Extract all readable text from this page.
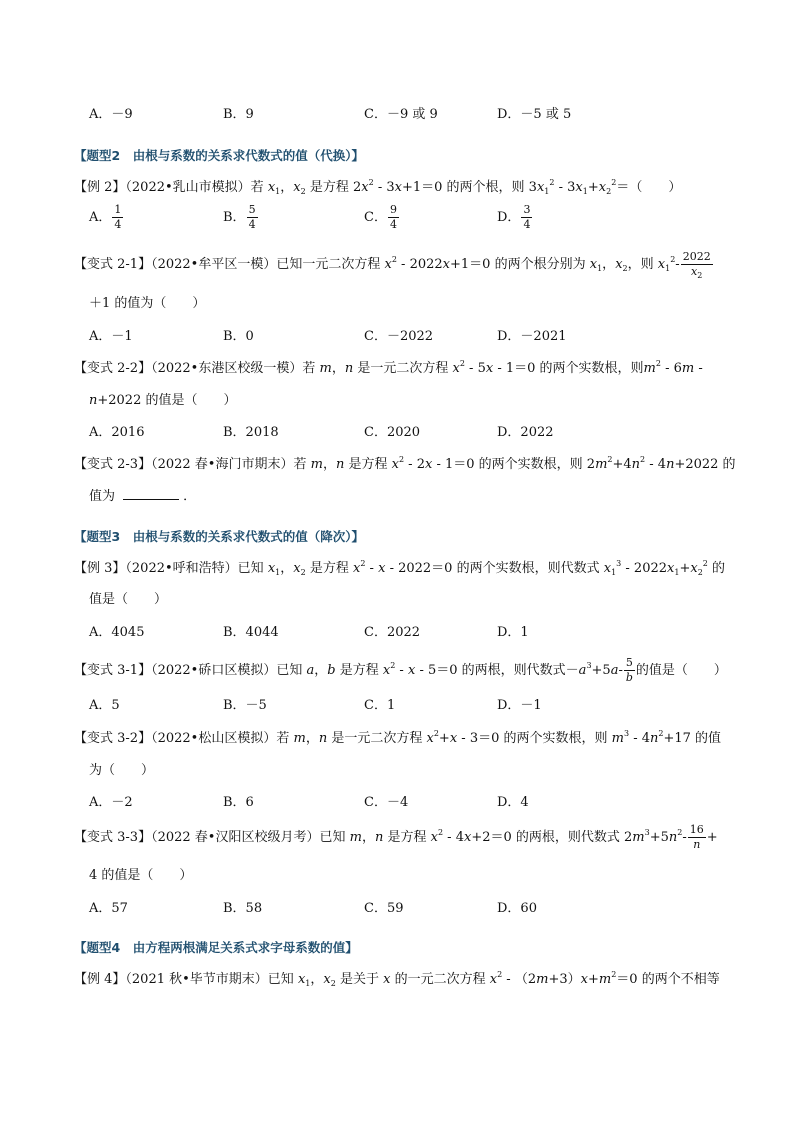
A．－9	B．9	C．－9 或 9	D．－5 或 5
【题型2　由根与系数的关系求代数式的值（代换）】
【例 2】（2022•乳山市模拟）若 $x_1$，$x_2$ 是方程 $2x^2 - 3x+1=0$ 的两个根，则 $3x_1^2 - 3x_1+x_2^2=$（　　）
A． $\frac{1}{4}$	B． $\frac{5}{4}$	C． $\frac{9}{4}$	D． $\frac{3}{4}$
【变式 2-1】（2022•牟平区一模）已知一元二次方程 $x^2 - 2022x+1=0$ 的两个根分别为 $x_1$，$x_2$，则 $x_1^2- \frac{2022}{x_2}$
＋1 的值为（　　）
A．－1	B．0	C．－2022	D．－2021
【变式 2-2】（2022•东港区校级一模）若 m，n 是一元二次方程 $x^2 - 5x - 1=0$ 的两个实数根，则$m^2 - 6m$ -
n+2022 的值是（　　）
A．2016	B．2018	C．2020	D．2022
【变式 2-3】（2022 春•海门市期末）若 m，n 是方程 $x^2 - 2x - 1=0$ 的两个实数根，则 $2m^2+4n^2 - 4n+2022$ 的
值为	．
【题型3　由根与系数的关系求代数式的值（降次）】
【例 3】（2022•呼和浩特）已知 $x_1$，$x_2$ 是方程 $x^2 - x - 2022=0$ 的两个实数根，则代数式 $x_1^3 - 2022x_1+x_2^2$ 的
值是（　　）
A．4045	B．4044	C．2022	D．1
【变式 3-1】（2022•硚口区模拟）已知 a，b 是方程 $x^2 - x - 5=0$ 的两根，则代数式$-a^3+5a- \frac{5}{b}$ 的值是（　　）
A．5	B．－5	C．1	D．－1
【变式 3-2】（2022•松山区模拟）若 m，n 是一元二次方程 $x^2+x - 3=0$ 的两个实数根，则 $m^3 - 4n^2+17$ 的值
为（　　）
A．－2	B．6	C．－4	D．4
【变式 3-3】（2022 春•汉阳区校级月考）已知 m，n 是方程 $x^2 - 4x+2=0$ 的两根，则代数式 $2m^3+5n^2- \frac{16}{n}$ +
4 的值是（　　）
A．57	B．58	C．59	D．60
【题型4　由方程两根满足关系式求字母系数的值】
【例 4】（2021 秋•毕节市期末）已知 $x_1$，$x_2$ 是关于 x 的一元二次方程 $x^2 - (2m+3)x+m^2=0$ 的两个不相等
